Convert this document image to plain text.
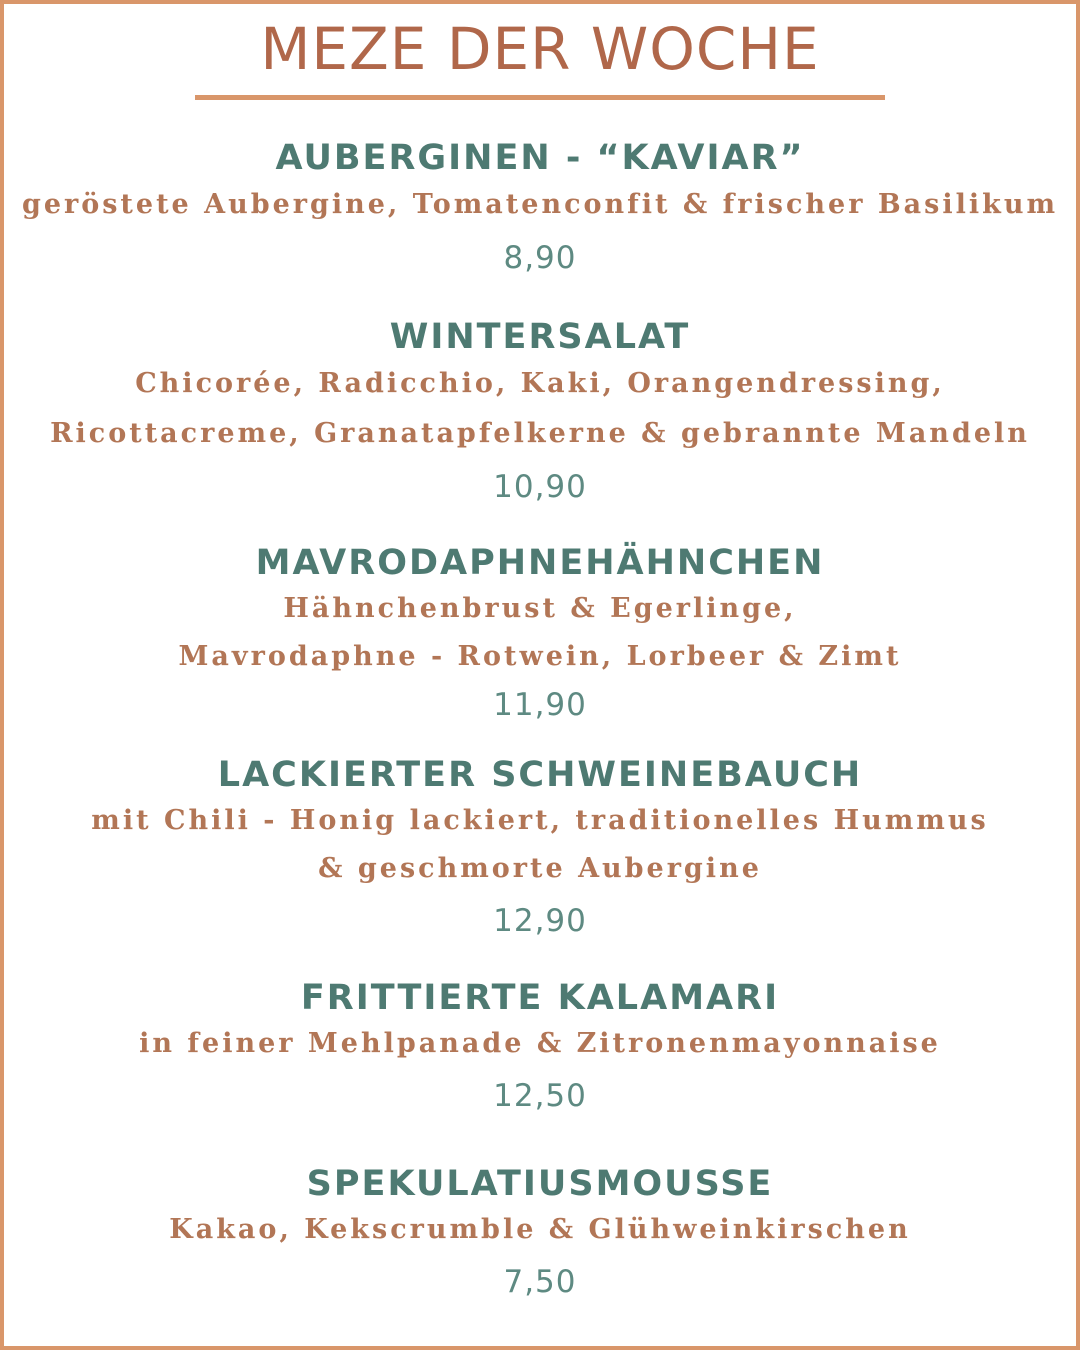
MEZE DER WOCHE
AUBERGINEN - “KAVIAR”
geröstete Aubergine, Tomatenconfit & frischer Basilikum
8,90
WINTERSALAT
Chicorée, Radicchio, Kaki, Orangendressing,
Ricottacreme, Granatapfelkerne & gebrannte Mandeln
10,90
MAVRODAPHNEHÄHNCHEN
Hähnchenbrust & Egerlinge,
Mavrodaphne - Rotwein, Lorbeer & Zimt
11,90
LACKIERTER SCHWEINEBAUCH
mit Chili - Honig lackiert, traditionelles Hummus
& geschmorte Aubergine
12,90
FRITTIERTE KALAMARI
in feiner Mehlpanade & Zitronenmayonnaise
12,50
SPEKULATIUSMOUSSE
Kakao, Kekscrumble & Glühweinkirschen
7,50
